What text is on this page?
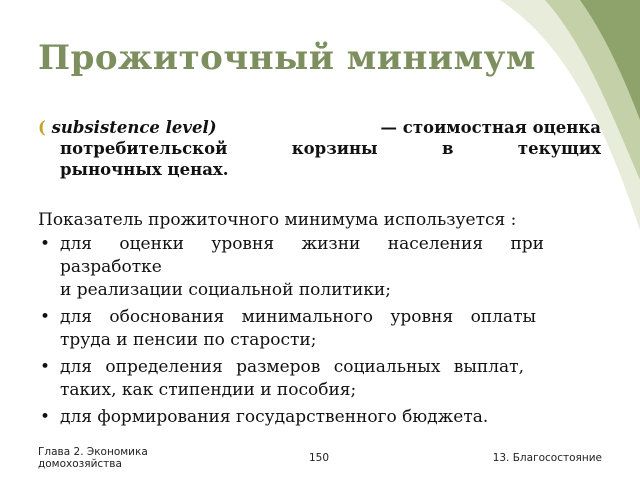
Прожиточный минимум
( subsistence level)	— стоимостная оценка
потребительской	корзины	в	текущих
рыночных ценах.
Показатель прожиточного минимума используется :
• для оценки уровня жизни населения при
разработке
и реализации социальной политики;
• для обоснования минимального уровня оплаты
труда и пенсии по старости;
• для определения размеров социальных выплат,
таких, как стипендии и пособия;
• для формирования государственного бюджета.
Глава 2. Экономика домохозяйства	150	13. Благосостояние
